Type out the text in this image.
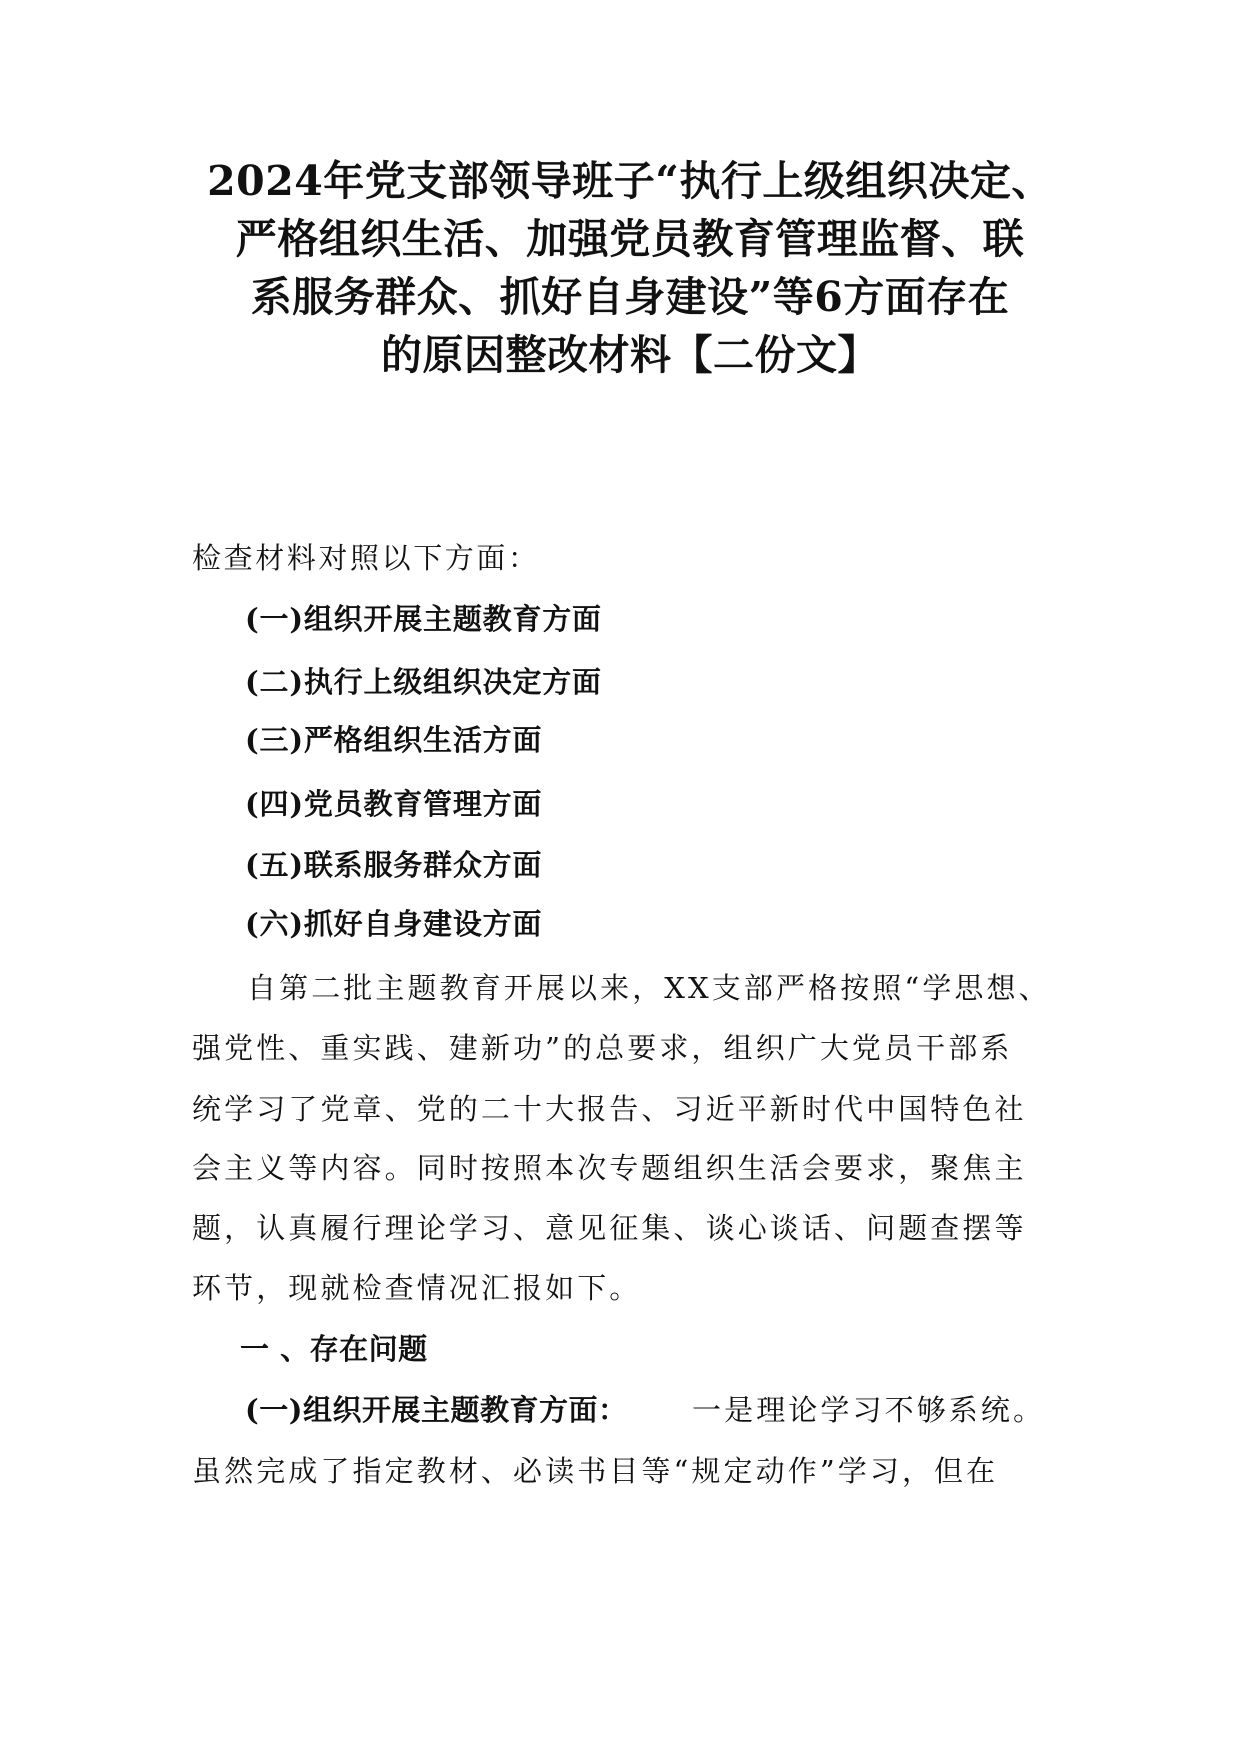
2024年党支部领导班子“执行上级组织决定、
严格组织生活、加强党员教育管理监督、联
系服务群众、抓好自身建设”等6方面存在
的原因整改材料【二份文】
检查材料对照以下方面：
(一)组织开展主题教育方面
(二)执行上级组织决定方面
(三)严格组织生活方面
(四)党员教育管理方面
(五)联系服务群众方面
(六)抓好自身建设方面
自第二批主题教育开展以来，XX支部严格按照“学思想、
强党性、重实践、建新功”的总要求，组织广大党员干部系
统学习了党章、党的二十大报告、习近平新时代中国特色社
会主义等内容。同时按照本次专题组织生活会要求，聚焦主
题，认真履行理论学习、意见征集、谈心谈话、问题查摆等
环节，现就检查情况汇报如下。
一 、存在问题
(一)组织开展主题教育方面： 一是理论学习不够系统。
虽然完成了指定教材、必读书目等“规定动作”学习，但在
